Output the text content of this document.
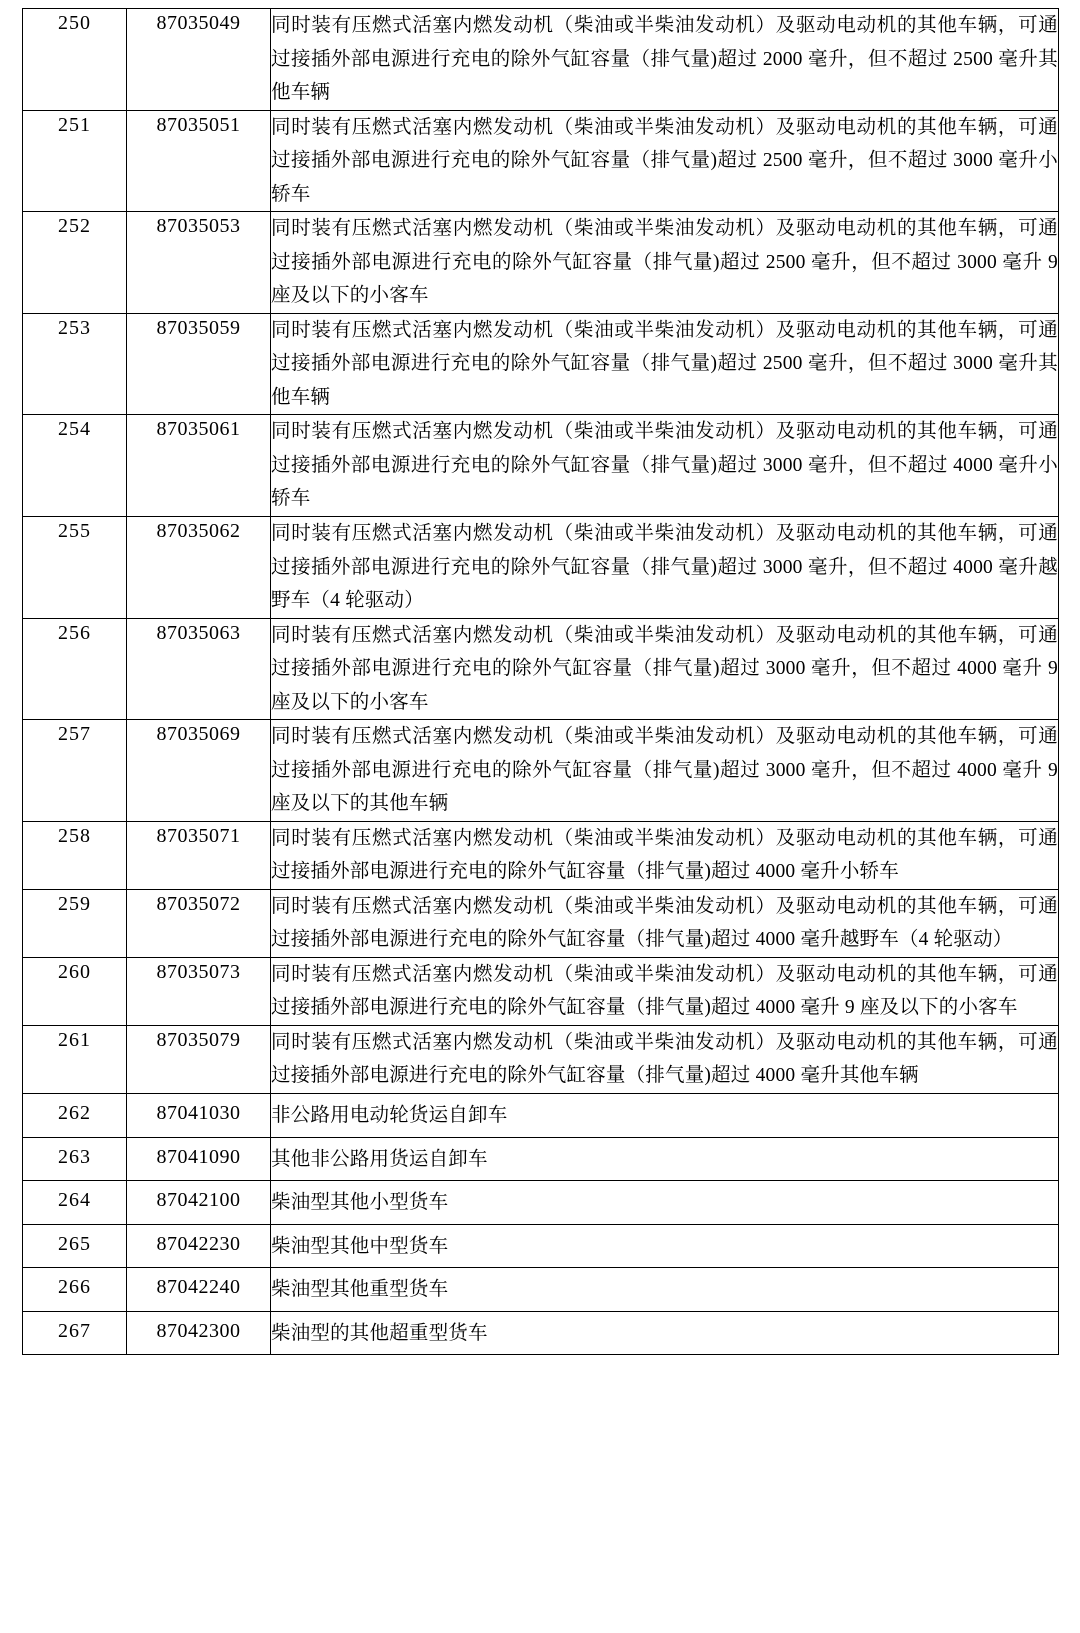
250	87035049	同时装有压燃式活塞内燃发动机（柴油或半柴油发动机）及驱动电动机的其他车辆，可通过接插外部电源进行充电的除外气缸容量（排气量)超过 2000 毫升，但不超过 2500 毫升其他车辆
251	87035051	同时装有压燃式活塞内燃发动机（柴油或半柴油发动机）及驱动电动机的其他车辆，可通过接插外部电源进行充电的除外气缸容量（排气量)超过 2500 毫升，但不超过 3000 毫升小轿车
252	87035053	同时装有压燃式活塞内燃发动机（柴油或半柴油发动机）及驱动电动机的其他车辆，可通过接插外部电源进行充电的除外气缸容量（排气量)超过 2500 毫升，但不超过 3000 毫升 9 座及以下的小客车
253	87035059	同时装有压燃式活塞内燃发动机（柴油或半柴油发动机）及驱动电动机的其他车辆，可通过接插外部电源进行充电的除外气缸容量（排气量)超过 2500 毫升，但不超过 3000 毫升其他车辆
254	87035061	同时装有压燃式活塞内燃发动机（柴油或半柴油发动机）及驱动电动机的其他车辆，可通过接插外部电源进行充电的除外气缸容量（排气量)超过 3000 毫升，但不超过 4000 毫升小轿车
255	87035062	同时装有压燃式活塞内燃发动机（柴油或半柴油发动机）及驱动电动机的其他车辆，可通过接插外部电源进行充电的除外气缸容量（排气量)超过 3000 毫升，但不超过 4000 毫升越野车（4 轮驱动）
256	87035063	同时装有压燃式活塞内燃发动机（柴油或半柴油发动机）及驱动电动机的其他车辆，可通过接插外部电源进行充电的除外气缸容量（排气量)超过 3000 毫升，但不超过 4000 毫升 9 座及以下的小客车
257	87035069	同时装有压燃式活塞内燃发动机（柴油或半柴油发动机）及驱动电动机的其他车辆，可通过接插外部电源进行充电的除外气缸容量（排气量)超过 3000 毫升，但不超过 4000 毫升 9 座及以下的其他车辆
258	87035071	同时装有压燃式活塞内燃发动机（柴油或半柴油发动机）及驱动电动机的其他车辆，可通过接插外部电源进行充电的除外气缸容量（排气量)超过 4000 毫升小轿车
259	87035072	同时装有压燃式活塞内燃发动机（柴油或半柴油发动机）及驱动电动机的其他车辆，可通过接插外部电源进行充电的除外气缸容量（排气量)超过 4000 毫升越野车（4 轮驱动）
260	87035073	同时装有压燃式活塞内燃发动机（柴油或半柴油发动机）及驱动电动机的其他车辆，可通过接插外部电源进行充电的除外气缸容量（排气量)超过 4000 毫升 9 座及以下的小客车
261	87035079	同时装有压燃式活塞内燃发动机（柴油或半柴油发动机）及驱动电动机的其他车辆，可通过接插外部电源进行充电的除外气缸容量（排气量)超过 4000 毫升其他车辆
262	87041030	非公路用电动轮货运自卸车
263	87041090	其他非公路用货运自卸车
264	87042100	柴油型其他小型货车
265	87042230	柴油型其他中型货车
266	87042240	柴油型其他重型货车
267	87042300	柴油型的其他超重型货车
